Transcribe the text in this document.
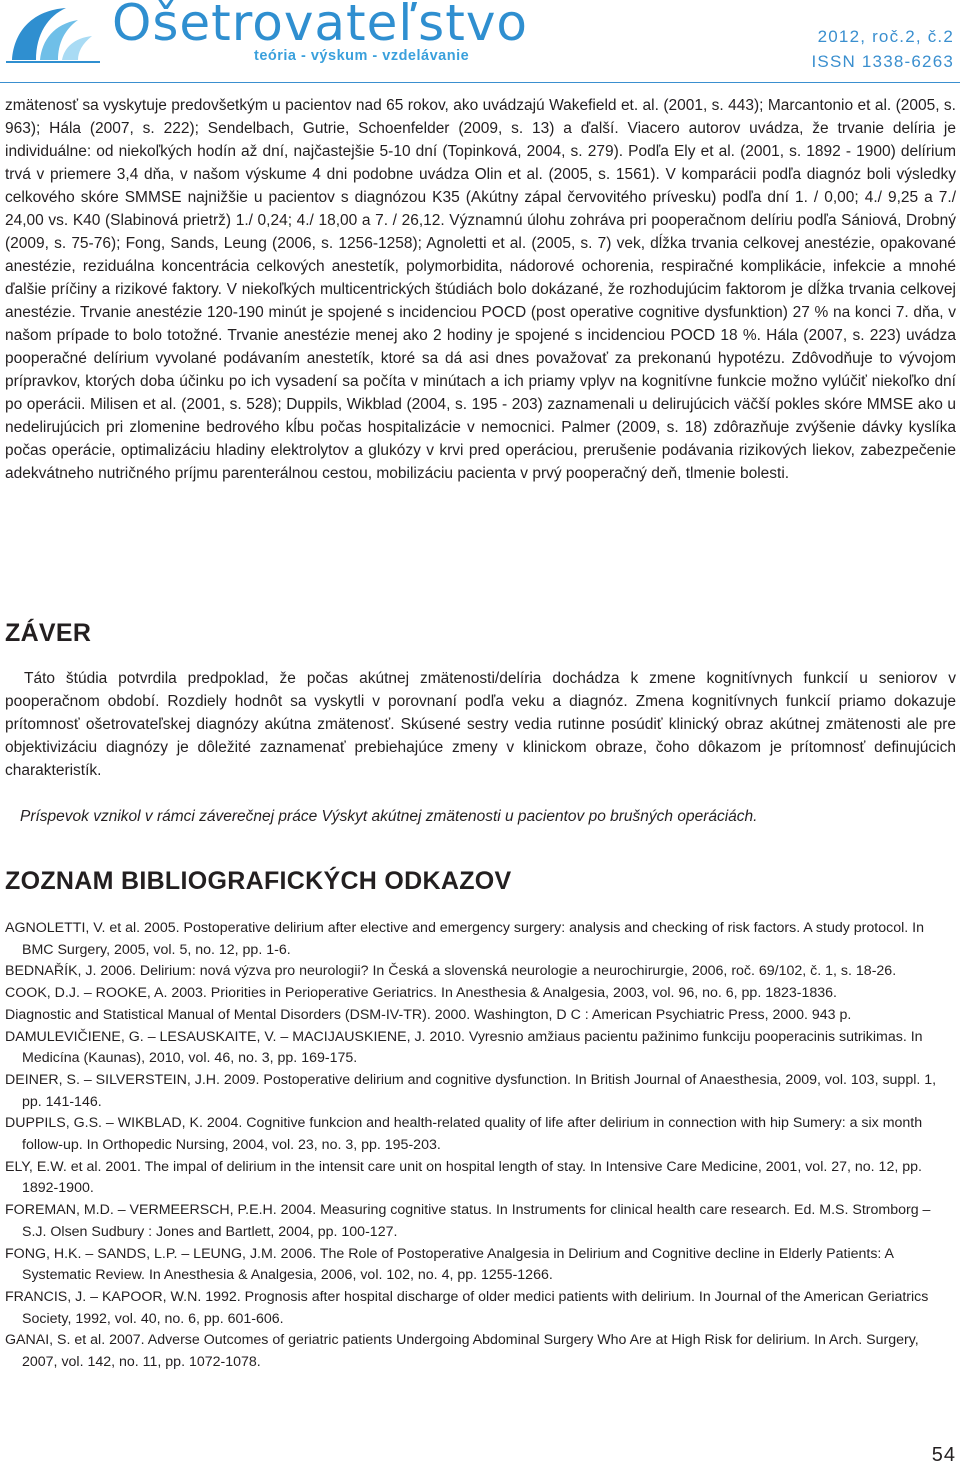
Ošetrovateľstvo
teória - výskum - vzdelávanie
2012, roč.2, č.2
ISSN 1338-6263

zmätenosť sa vyskytuje predovšetkým u pacientov nad 65 rokov, ako uvádzajú Wakefield et. al. (2001, s. 443); Marcantonio et al. (2005, s. 963); Hála (2007, s. 222); Sendelbach, Gutrie, Schoenfelder (2009, s. 13) a ďalší. Viacero autorov uvádza, že trvanie delíria je individuálne: od niekoľkých hodín až dní, najčastejšie 5-10 dní (Topinková, 2004, s. 279). Podľa Ely et al. (2001, s. 1892 - 1900) delírium trvá v priemere 3,4 dňa, v našom výskume 4 dni podobne uvádza Olin et al. (2005, s. 1561). V komparácii podľa diagnóz boli výsledky celkového skóre SMMSE najnižšie u pacientov s diagnózou K35 (Akútny zápal červovitého prívesku) podľa dní 1. / 0,00; 4./ 9,25 a 7./ 24,00 vs. K40 (Slabinová prietrž) 1./ 0,24; 4./ 18,00 a 7. / 26,12. Významnú úlohu zohráva pri pooperačnom delíriu podľa Sániová, Drobný (2009, s. 75-76); Fong, Sands, Leung (2006, s. 1256-1258); Agnoletti et al. (2005, s. 7) vek, dĺžka trvania celkovej anestézie, opakované anestézie, reziduálna koncentrácia celkových anestetík, polymorbidita, nádorové ochorenia, respiračné komplikácie, infekcie a mnohé ďalšie príčiny a rizikové faktory. V niekoľkých multicentrických štúdiách bolo dokázané, že rozhodujúcim faktorom je dĺžka trvania celkovej anestézie. Trvanie anestézie 120-190 minút je spojené s incidenciou POCD (post operative cognitive dysfunktion) 27 % na konci 7. dňa, v našom prípade to bolo totožné. Trvanie anestézie menej ako 2 hodiny je spojené s incidenciou POCD 18 %. Hála (2007, s. 223) uvádza pooperačné delírium vyvolané podávaním anestetík, ktoré sa dá asi dnes považovať za prekonanú hypotézu. Zdôvodňuje to vývojom prípravkov, ktorých doba účinku po ich vysadení sa počíta v minútach a ich priamy vplyv na kognitívne funkcie možno vylúčiť niekoľko dní po operácii. Milisen et al. (2001, s. 528); Duppils, Wikblad (2004, s. 195 - 203) zaznamenali u delirujúcich väčší pokles skóre MMSE ako u nedelirujúcich pri zlomenine bedrového kĺbu počas hospitalizácie v nemocnici. Palmer (2009, s. 18) zdôrazňuje zvýšenie dávky kyslíka počas operácie, optimalizáciu hladiny elektrolytov a glukózy v krvi pred operáciou, prerušenie podávania rizikových liekov, zabezpečenie adekvátneho nutričného príjmu parenterálnou cestou, mobilizáciu pacienta v prvý pooperačný deň, tlmenie bolesti.

ZÁVER

Táto štúdia potvrdila predpoklad, že počas akútnej zmätenosti/delíria dochádza k zmene kognitívnych funkcií u seniorov v pooperačnom období. Rozdiely hodnôt sa vyskytli v porovnaní podľa veku a diagnóz. Zmena kognitívnych funkcií priamo dokazuje prítomnosť ošetrovateľskej diagnózy akútna zmätenosť. Skúsené sestry vedia rutinne posúdiť klinický obraz akútnej zmätenosti ale pre objektivizáciu diagnózy je dôležité zaznamenať prebiehajúce zmeny v klinickom obraze, čoho dôkazom je prítomnosť definujúcich charakteristík.

Príspevok vznikol v rámci záverečnej práce Výskyt akútnej zmätenosti u pacientov po brušných operáciách.
ZOZNAM BIBLIOGRAFICKÝCH ODKAZOV
AGNOLETTI, V. et al. 2005. Postoperative delirium after elective and emergency surgery: analysis and checking of risk factors. A study protocol. In BMC Surgery, 2005, vol. 5, no. 12, pp. 1-6.
BEDNAŘÍK, J. 2006. Delirium: nová výzva pro neurologii? In Česká a slovenská neurologie a neurochirurgie, 2006, roč. 69/102, č. 1, s. 18-26.
COOK, D.J. – ROOKE, A. 2003. Priorities in Perioperative Geriatrics. In Anesthesia & Analgesia, 2003, vol. 96, no. 6, pp. 1823-1836.
Diagnostic and Statistical Manual of Mental Disorders (DSM-IV-TR). 2000. Washington, D C : American Psychiatric Press, 2000. 943 p.
DAMULEVIČIENE, G. – LESAUSKAITE, V. – MACIJAUSKIENE, J. 2010. Vyresnio amžiaus pacientu pažinimo funkciju pooperacinis sutrikimas. In Medicína (Kaunas), 2010, vol. 46, no. 3, pp. 169-175.
DEINER, S. – SILVERSTEIN, J.H. 2009. Postoperative delirium and cognitive dysfunction. In British Journal of Anaesthesia, 2009, vol. 103, suppl. 1, pp. 141-146.
DUPPILS, G.S. – WIKBLAD, K. 2004. Cognitive funkcion and health-related quality of life after delirium in connection with hip Sumery: a six month follow-up. In Orthopedic Nursing, 2004, vol. 23, no. 3, pp. 195-203.
ELY, E.W. et al. 2001. The impal of delirium in the intensit care unit on hospital length of stay. In Intensive Care Medicine, 2001, vol. 27, no. 12, pp. 1892-1900.
FOREMAN, M.D. – VERMEERSCH, P.E.H. 2004. Measuring cognitive status. In Instruments for clinical health care research. Ed. M.S. Stromborg – S.J. Olsen Sudbury : Jones and Bartlett, 2004, pp. 100-127.
FONG, H.K. – SANDS, L.P. – LEUNG, J.M. 2006. The Role of Postoperative Analgesia in Delirium and Cognitive decline in Elderly Patients: A Systematic Review. In Anesthesia & Analgesia, 2006, vol. 102, no. 4, pp. 1255-1266.
FRANCIS, J. – KAPOOR, W.N. 1992. Prognosis after hospital discharge of older medici patients with delirium. In Journal of the American Geriatrics Society, 1992, vol. 40, no. 6, pp. 601-606.
GANAI, S. et al. 2007. Adverse Outcomes of geriatric patients Undergoing Abdominal Surgery Who Are at High Risk for delirium. In Arch. Surgery, 2007, vol. 142, no. 11, pp. 1072-1078.
54
